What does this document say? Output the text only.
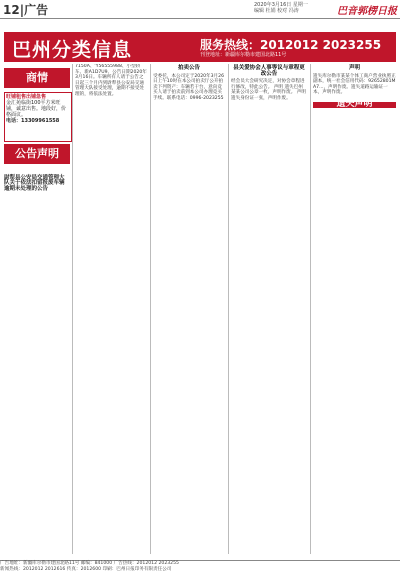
12|广告	2020年3月16日 星期一
编辑 杜娟 校对 冯涛	巴音郭楞日报
巴州分类信息	服务热线：2012012 2023255
刊登地址：新疆库尔勒市建国北路11号
商情
旺铺租售出铺急售
金汇苑临街100平方米旺铺，诚意出售。地段好，价格面议。
电话：13309961558
公告声明

尉犁县公安局交通管理大队关于依法扣留报废车辆逾期未处理的公告

7150A、'Y56555988、小型轿车、新A1D7U9、公告日期2020年3月16日。车辆所有人请于公告之日起三个月内到尉犁县公安局交通管理大队接受处理，逾期不接受处理的，将依法处置。

拍卖公告

受委托，本公司定于2020年3月26日上午10时在本公司拍卖厅公开拍卖下列资产：车辆若干台，意向竞买人请于拍卖前到本公司办理竞买手续。联系电话：0996-2023255

县关爱协会人事等议与章程更改公告

经会员大会研究决定，对协会章程进行修改，特此公告。 声明 遗失巴州某某公司公章一枚，声明作废。 声明 遗失身份证一张，声明作废。

声明

遗失库尔勒市某某个体工商户营业执照正副本，统一社会信用代码：92652801MA7...，声明作废。遗失道路运输证一本，声明作废。

遗失声明
广告地址：新疆库尔勒市建国北路11号 邮编：841000 广告热线：2012012 2023255
新闻热线：2012012 2012616 传真：2012600 印刷：巴州日报印务有限责任公司
